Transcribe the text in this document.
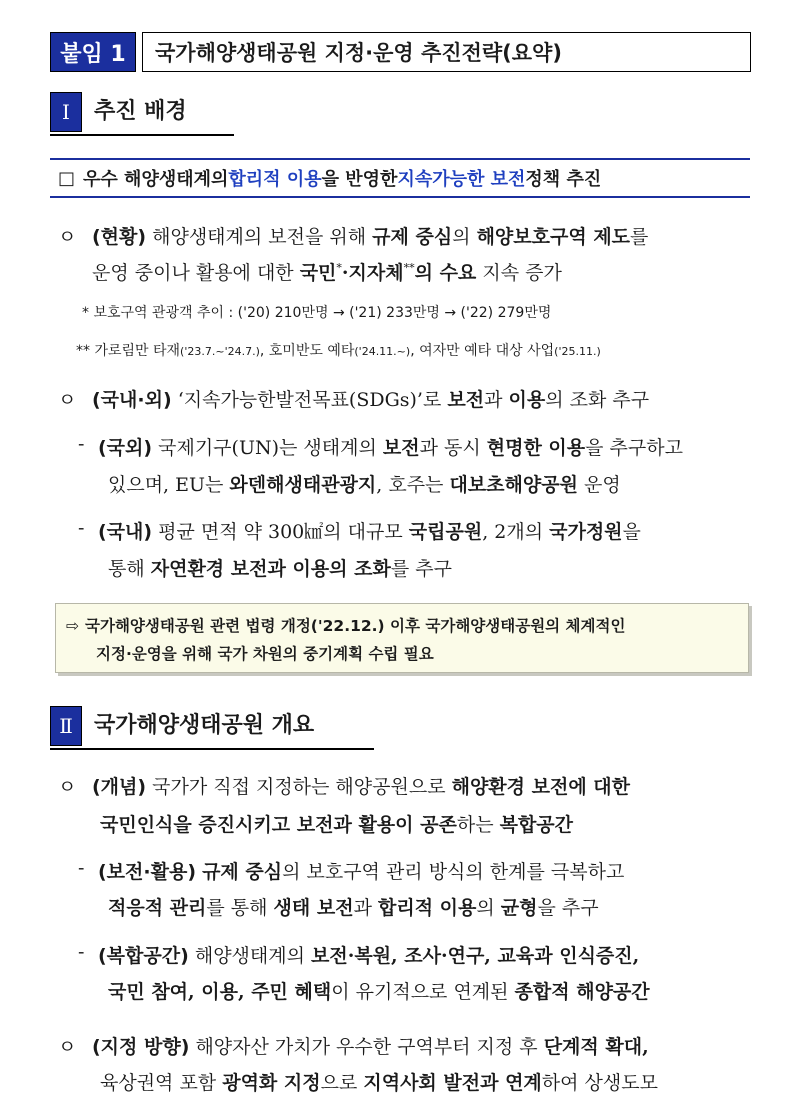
붙임 1	국가해양생태공원 지정·운영 추진전략(요약)
Ⅰ	추진 배경
□ 우수 해양생태계의 합리적 이용 을 반영한 지속가능한 보전 정책 추진
ㅇ (현황) 해양생태계의 보전을 위해 규제 중심의 해양보호구역 제도를
운영 중이나 활용에 대한 국민*·지자체**의 수요 지속 증가
* 보호구역 관광객 추이 : ('20) 210만명 → ('21) 233만명 → ('22) 279만명
** 가로림만 타재('23.7.~'24.7.), 호미반도 예타('24.11.~), 여자만 예타 대상 사업('25.11.)
ㅇ (국내·외) ‘지속가능한발전목표(SDGs)’로 보전과 이용의 조화 추구
- (국외) 국제기구(UN)는 생태계의 보전과 동시 현명한 이용을 추구하고
있으며, EU는 와덴해생태관광지, 호주는 대보초해양공원 운영
- (국내) 평균 면적 약 300㎢의 대규모 국립공원, 2개의 국가정원을
통해 자연환경 보전과 이용의 조화를 추구
⇨ 국가해양생태공원 관련 법령 개정('22.12.) 이후 국가해양생태공원의 체계적인
지정·운영을 위해 국가 차원의 중기계획 수립 필요
Ⅱ 국가해양생태공원 개요
ㅇ (개념) 국가가 직접 지정하는 해양공원으로 해양환경 보전에 대한
국민인식을 증진시키고 보전과 활용이 공존하는 복합공간
- (보전·활용) 규제 중심의 보호구역 관리 방식의 한계를 극복하고
적응적 관리를 통해 생태 보전과 합리적 이용의 균형을 추구
- (복합공간) 해양생태계의 보전·복원, 조사·연구, 교육과 인식증진,
국민 참여, 이용, 주민 혜택이 유기적으로 연계된 종합적 해양공간
ㅇ (지정 방향) 해양자산 가치가 우수한 구역부터 지정 후 단계적 확대,
육상권역 포함 광역화 지정으로 지역사회 발전과 연계하여 상생도모
